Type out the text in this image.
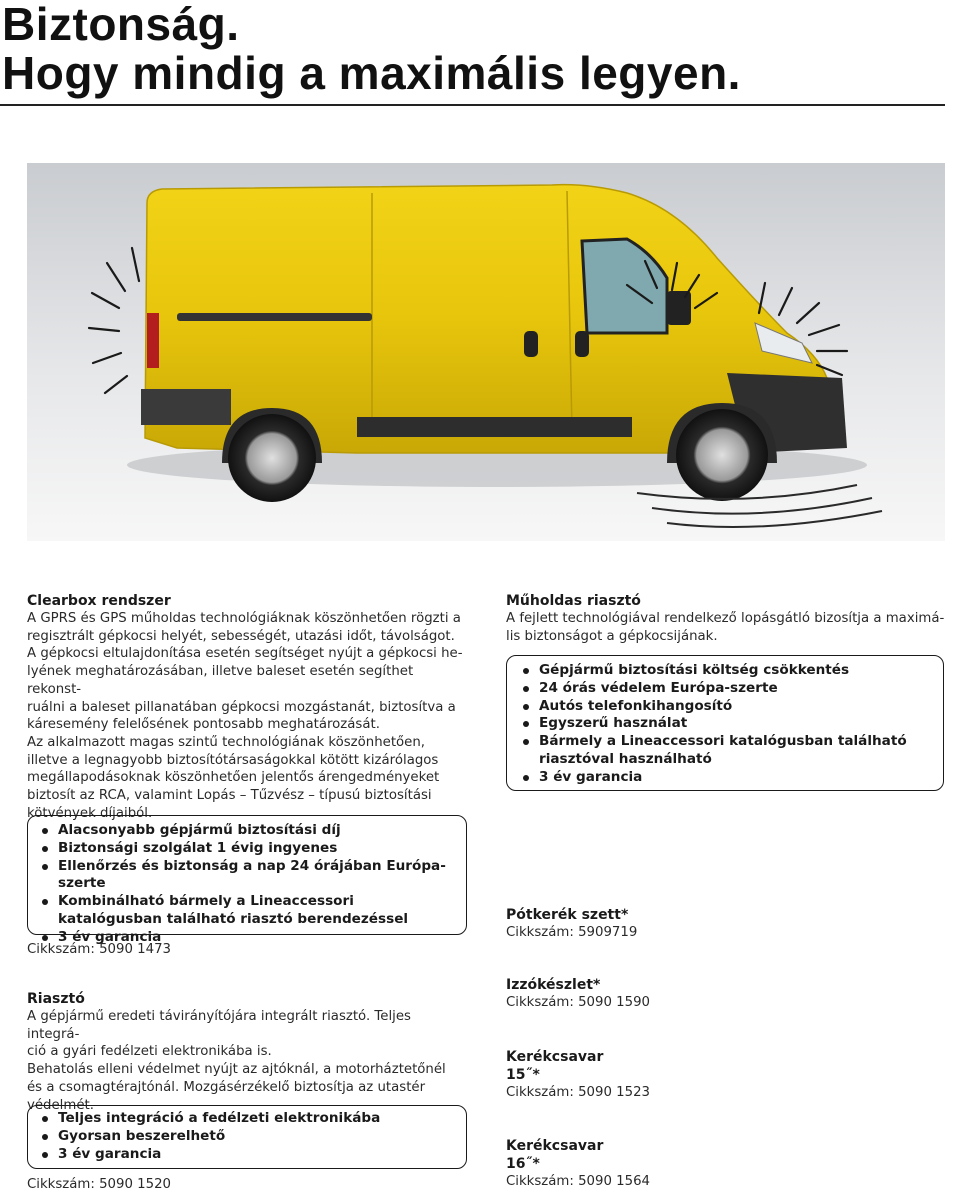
Biztonság.
Hogy mindig a maximális legyen.
Clearbox rendszer
A GPRS és GPS műholdas technológiáknak köszönhetően rögzti a
regisztrált gépkocsi helyét, sebességét, utazási időt, távolságot.
A gépkocsi eltulajdonítása esetén segítséget nyújt a gépkocsi he-
lyének meghatározásában, illetve baleset esetén segíthet rekonst-
ruálni a baleset pillanatában gépkocsi mozgástanát, biztosítva a
káresemény felelősének pontosabb meghatározását.
Az alkalmazott magas szintű technológiának köszönhetően,
illetve a legnagyobb biztosítótársaságokkal kötött kizárólagos
megállapodásoknak köszönhetően jelentős árengedményeket
biztosít az RCA, valamint Lopás – Tűzvész – típusú biztosítási
kötvények díjaiból.
Alacsonyabb gépjármű biztosítási díj
Biztonsági szolgálat 1 évig ingyenes
Ellenőrzés és biztonság a nap 24 órájában Európa-szerte
Kombinálható bármely a Lineaccessori katalógusban található riasztó berendezéssel
3 év garancia
Cikkszám: 5090 1473
Riasztó
A gépjármű eredeti távirányítójára integrált riasztó. Teljes integrá-
ció a gyári fedélzeti elektronikába is.
Behatolás elleni védelmet nyújt az ajtóknál, a motorháztetőnél
és a csomagtérajtónál. Mozgásérzékelő biztosítja az utastér
védelmét.
Teljes integráció a fedélzeti elektronikába
Gyorsan beszerelhető
3 év garancia
Cikkszám: 5090 1520
Műholdas riasztó
A fejlett technológiával rendelkező lopásgátló bizosítja a maximá-
lis biztonságot a gépkocsijának.
Gépjármű biztosítási költség csökkentés
24 órás védelem Európa-szerte
Autós telefonkihangosító
Egyszerű használat
Bármely a Lineaccessori katalógusban található riasztóval használható
3 év garancia
Pótkerék szett*
Cikkszám: 5909719
Izzókészlet*
Cikkszám: 5090 1590
Kerékcsavar
15˝*
Cikkszám: 5090 1523
Kerékcsavar
16˝*
Cikkszám: 5090 1564
